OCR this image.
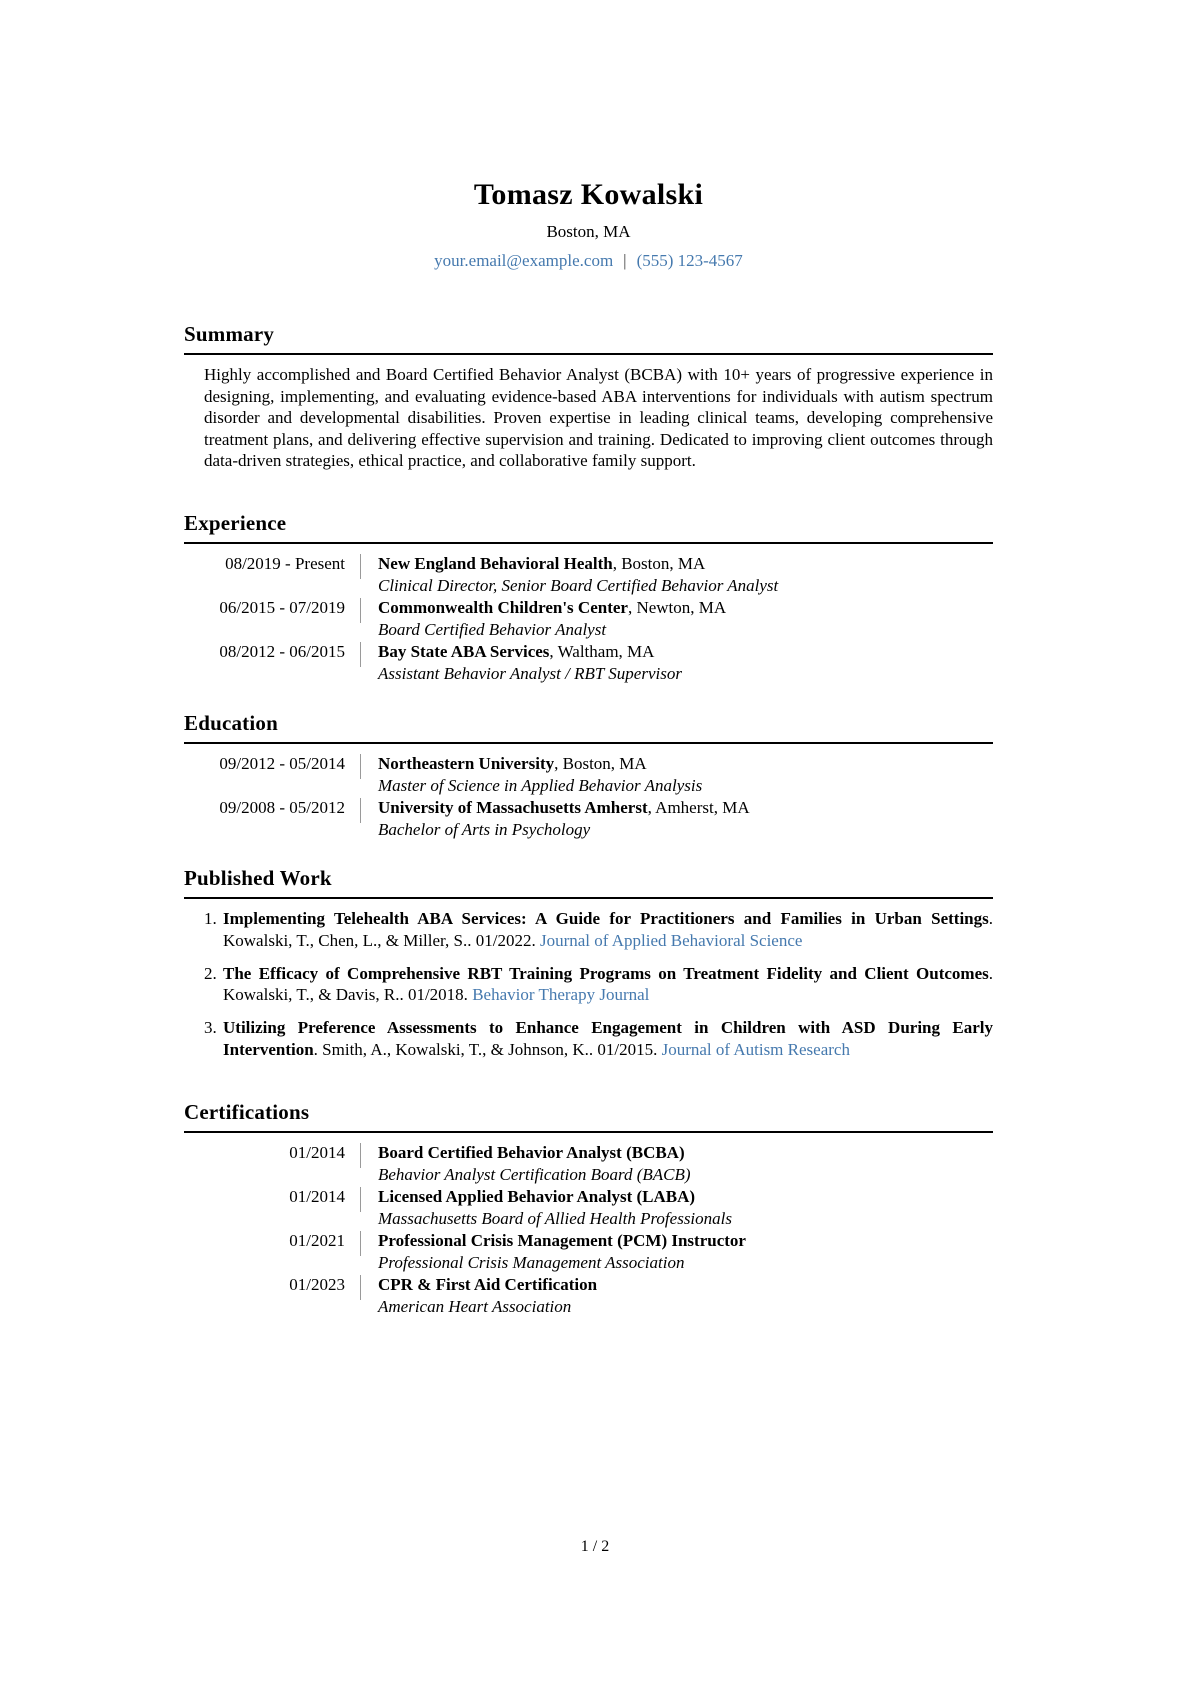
Tomasz Kowalski
Boston, MA
your.email@example.com | (555) 123-4567
Summary
Highly accomplished and Board Certified Behavior Analyst (BCBA) with 10+ years of progressive experience in designing, implementing, and evaluating evidence-based ABA interventions for individuals with autism spectrum disorder and developmental disabilities. Proven expertise in leading clinical teams, developing comprehensive treatment plans, and delivering effective supervision and training. Dedicated to improving client outcomes through data-driven strategies, ethical practice, and collaborative family support.
Experience
08/2019 - Present New England Behavioral Health, Boston, MA
Clinical Director, Senior Board Certified Behavior Analyst
06/2015 - 07/2019 Commonwealth Children's Center, Newton, MA
Board Certified Behavior Analyst
08/2012 - 06/2015 Bay State ABA Services, Waltham, MA
Assistant Behavior Analyst / RBT Supervisor
Education
09/2012 - 05/2014 Northeastern University, Boston, MA
Master of Science in Applied Behavior Analysis
09/2008 - 05/2012 University of Massachusetts Amherst, Amherst, MA
Bachelor of Arts in Psychology
Published Work
1. Implementing Telehealth ABA Services: A Guide for Practitioners and Families in Urban Settings. Kowalski, T., Chen, L., & Miller, S.. 01/2022. Journal of Applied Behavioral Science
2. The Efficacy of Comprehensive RBT Training Programs on Treatment Fidelity and Client Outcomes. Kowalski, T., & Davis, R.. 01/2018. Behavior Therapy Journal
3. Utilizing Preference Assessments to Enhance Engagement in Children with ASD During Early Intervention. Smith, A., Kowalski, T., & Johnson, K.. 01/2015. Journal of Autism Research
Certifications
01/2014 Board Certified Behavior Analyst (BCBA)
Behavior Analyst Certification Board (BACB)
01/2014 Licensed Applied Behavior Analyst (LABA)
Massachusetts Board of Allied Health Professionals
01/2021 Professional Crisis Management (PCM) Instructor
Professional Crisis Management Association
01/2023 CPR & First Aid Certification
American Heart Association
1 / 2
